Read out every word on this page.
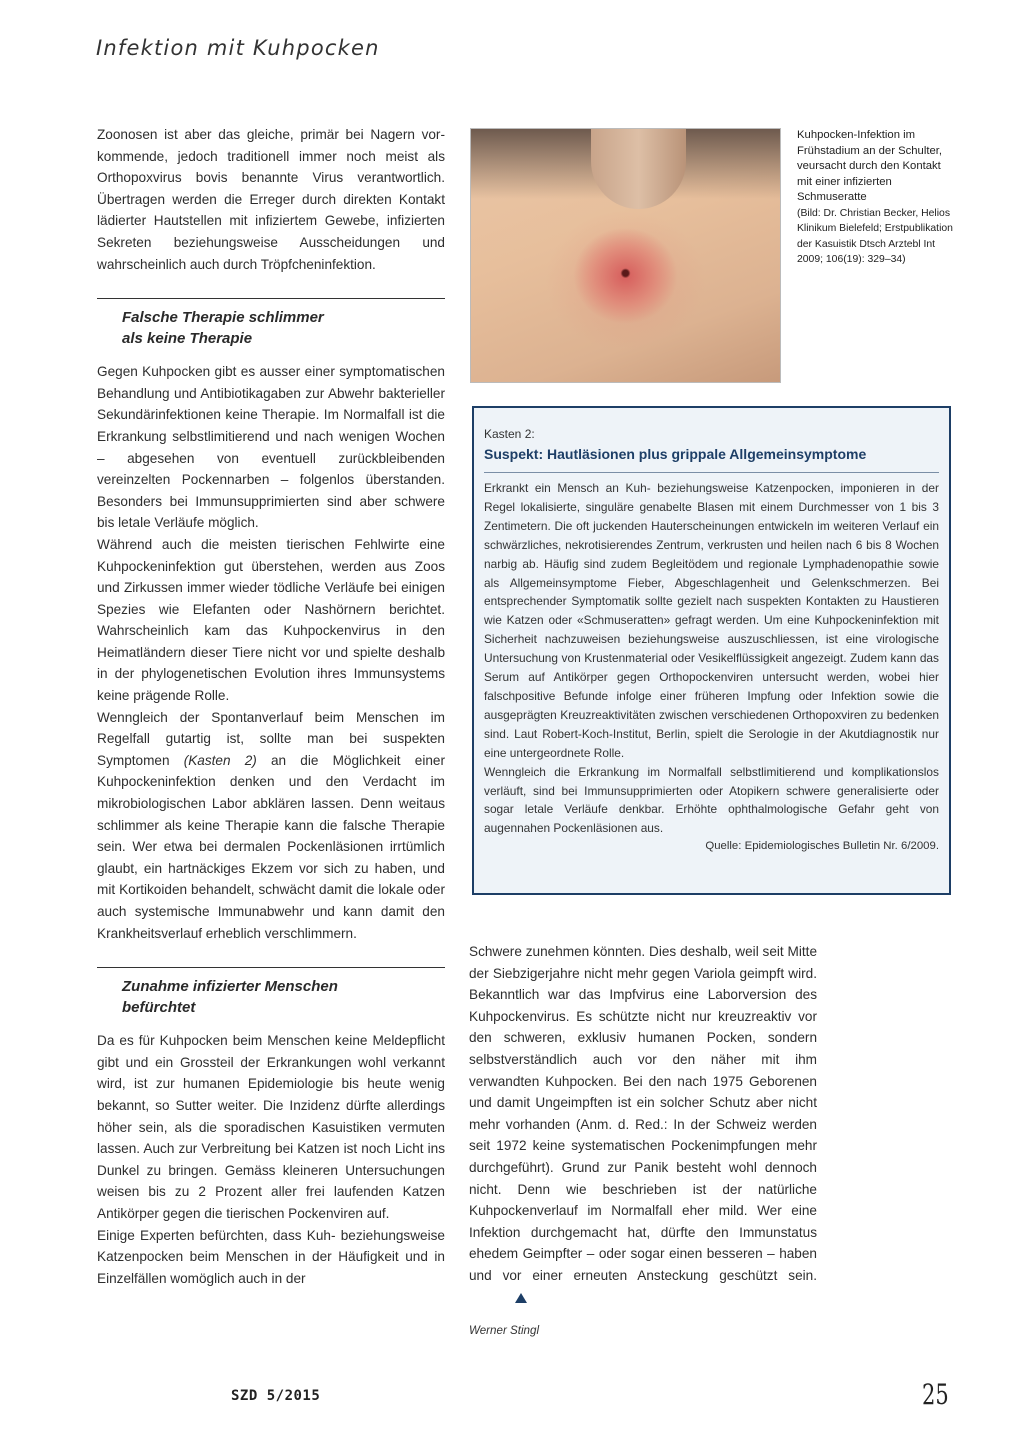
Infektion mit Kuhpocken

Zoonosen ist aber das gleiche, primär bei Nagern vorkommende, jedoch traditionell immer noch meist als Orthopoxvirus bovis benannte Virus verantwortlich. Übertragen werden die Erreger durch direkten Kontakt lädierter Hautstellen mit infiziertem Gewebe, infizierten Sekreten beziehungsweise Ausscheidungen und wahrscheinlich auch durch Tröpfcheninfektion.

Falsche Therapie schlimmer
als keine Therapie

Gegen Kuhpocken gibt es ausser einer symptomatischen Behandlung und Antibiotikagaben zur Abwehr bakterieller Sekundärinfektionen keine Therapie. Im Normalfall ist die Erkrankung selbstlimitierend und nach wenigen Wochen – abgesehen von eventuell zurückbleibenden vereinzelten Pockennarben – folgenlos überstanden. Besonders bei Immunsupprimierten sind aber schwere bis letale Verläufe möglich.

Während auch die meisten tierischen Fehlwirte eine Kuhpockeninfektion gut überstehen, werden aus Zoos und Zirkussen immer wieder tödliche Verläufe bei einigen Spezies wie Elefanten oder Nashörnern berichtet. Wahrscheinlich kam das Kuhpockenvirus in den Heimatländern dieser Tiere nicht vor und spielte deshalb in der phylogenetischen Evolution ihres Immunsystems keine prägende Rolle.

Wenngleich der Spontanverlauf beim Menschen im Regelfall gutartig ist, sollte man bei suspekten Symptomen (Kasten 2) an die Möglichkeit einer Kuhpockeninfektion denken und den Verdacht im mikrobiologischen Labor abklären lassen. Denn weitaus schlimmer als keine Therapie kann die falsche Therapie sein. Wer etwa bei dermalen Pockenläsionen irrtümlich glaubt, ein hartnäckiges Ekzem vor sich zu haben, und mit Kortikoiden behandelt, schwächt damit die lokale oder auch systemische Immunabwehr und kann damit den Krankheitsverlauf erheblich verschlimmern.

Zunahme infizierter Menschen
befürchtet

Da es für Kuhpocken beim Menschen keine Meldepflicht gibt und ein Grossteil der Erkrankungen wohl verkannt wird, ist zur humanen Epidemiologie bis heute wenig bekannt, so Sutter weiter. Die Inzidenz dürfte allerdings höher sein, als die sporadischen Kasuistiken vermuten lassen. Auch zur Verbreitung bei Katzen ist noch Licht ins Dunkel zu bringen. Gemäss kleineren Untersuchungen weisen bis zu 2 Prozent aller frei laufenden Katzen Antikörper gegen die tierischen Pockenviren auf.

Einige Experten befürchten, dass Kuh- beziehungsweise Katzenpocken beim Menschen in der Häufigkeit und in Einzelfällen womöglich auch in der

Kuhpocken-Infektion im Frühstadium an der Schulter, veursacht durch den Kontakt mit einer infizierten Schmuseratte
(Bild: Dr. Christian Becker, Helios Klinikum Bielefeld; Erstpublikation der Kasuistik Dtsch Arztebl Int 2009; 106(19): 329–34)
Kasten 2:
Suspekt: Hautläsionen plus grippale Allgemeinsymptome

Erkrankt ein Mensch an Kuh- beziehungsweise Katzenpocken, imponieren in der Regel lokalisierte, singuläre genabelte Blasen mit einem Durchmesser von 1 bis 3 Zentimetern. Die oft juckenden Hauterscheinungen entwickeln im weiteren Verlauf ein schwärzliches, nekrotisierendes Zentrum, verkrusten und heilen nach 6 bis 8 Wochen narbig ab. Häufig sind zudem Begleitödem und regionale Lymphadenopathie sowie als Allgemeinsymptome Fieber, Abgeschlagenheit und Gelenkschmerzen. Bei entsprechender Symptomatik sollte gezielt nach suspekten Kontakten zu Haustieren wie Katzen oder «Schmuseratten» gefragt werden. Um eine Kuhpockeninfektion mit Sicherheit nachzuweisen beziehungsweise auszuschliessen, ist eine virologische Untersuchung von Krustenmaterial oder Vesikelflüssigkeit angezeigt. Zudem kann das Serum auf Antikörper gegen Orthopockenviren untersucht werden, wobei hier falschpositive Befunde infolge einer früheren Impfung oder Infektion sowie die ausgeprägten Kreuzreaktivitäten zwischen verschiedenen Orthopoxviren zu bedenken sind. Laut Robert-Koch-Institut, Berlin, spielt die Serologie in der Akutdiagnostik nur eine untergeordnete Rolle.

Wenngleich die Erkrankung im Normalfall selbstlimitierend und komplikationslos verläuft, sind bei Immunsupprimierten oder Atopikern schwere generalisierte oder sogar letale Verläufe denkbar. Erhöhte ophthalmologische Gefahr geht von augennahen Pockenläsionen aus.

Quelle: Epidemiologisches Bulletin Nr. 6/2009.

Schwere zunehmen könnten. Dies deshalb, weil seit Mitte der Siebzigerjahre nicht mehr gegen Variola geimpft wird. Bekanntlich war das Impfvirus eine Laborversion des Kuhpockenvirus. Es schützte nicht nur kreuzreaktiv vor den schweren, exklusiv humanen Pocken, sondern selbstverständlich auch vor den näher mit ihm verwandten Kuhpocken. Bei den nach 1975 Geborenen und damit Ungeimpften ist ein solcher Schutz aber nicht mehr vorhanden (Anm. d. Red.: In der Schweiz werden seit 1972 keine systematischen Pockenimpfungen mehr durchgeführt). Grund zur Panik besteht wohl dennoch nicht. Denn wie beschrieben ist der natürliche Kuhpockenverlauf im Normalfall eher mild. Wer eine Infektion durchgemacht hat, dürfte den Immunstatus ehedem Geimpfter – oder sogar einen besseren – haben und vor einer erneuten Ansteckung geschützt sein.

Werner Stingl
SZD 5/2015	25
